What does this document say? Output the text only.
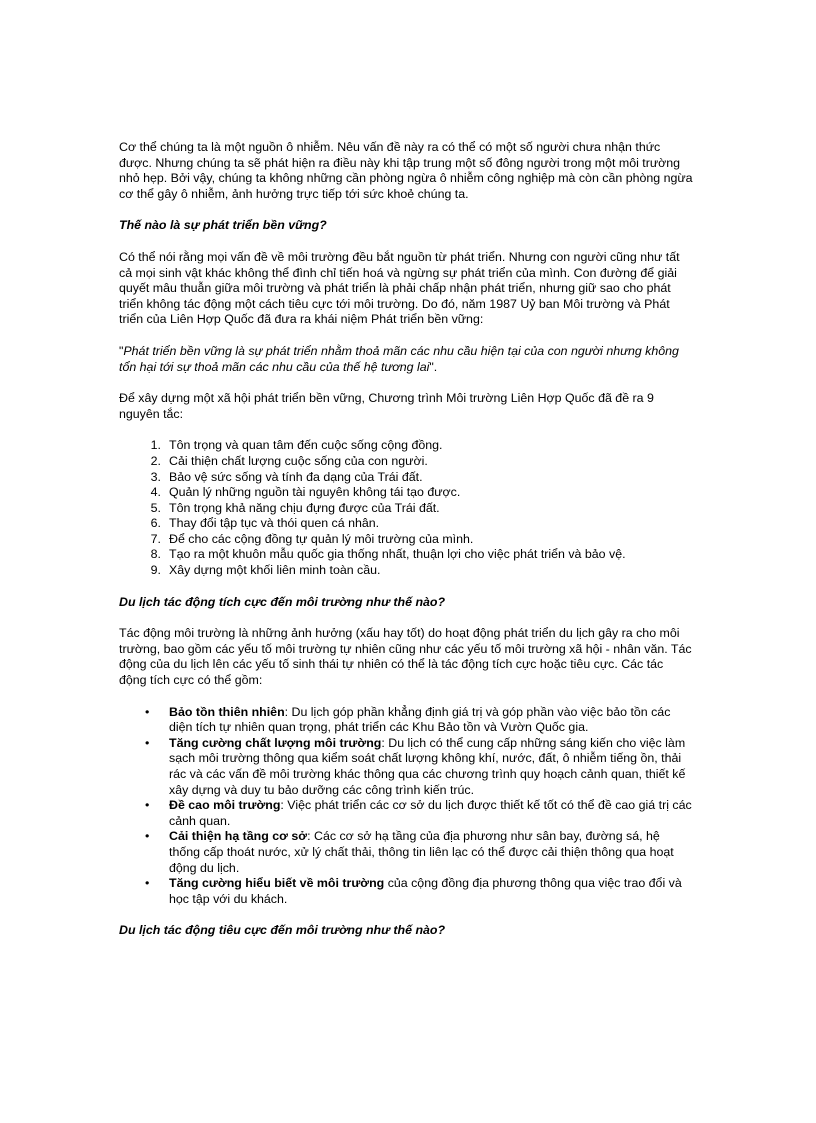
Cơ thể chúng ta là một nguồn ô nhiễm. Nêu vấn đề này ra có thể có một số người chưa nhận thức được. Nhưng chúng ta sẽ phát hiện ra điều này khi tập trung một số đông người trong một môi trường nhỏ hẹp. Bởi vậy, chúng ta không những cần phòng ngừa ô nhiễm công nghiệp mà còn cần phòng ngừa cơ thể gây ô nhiễm, ảnh hưởng trực tiếp tới sức khoẻ chúng ta.

Thế nào là sự phát triển bền vững?

Có thể nói rằng mọi vấn đề về môi trường đều bắt nguồn từ phát triển. Nhưng con người cũng như tất cả mọi sinh vật khác không thể đình chỉ tiến hoá và ngừng sự phát triển của mình. Con đường để giải quyết mâu thuẫn giữa môi trường và phát triển là phải chấp nhận phát triển, nhưng giữ sao cho phát triển không tác động một cách tiêu cực tới môi trường. Do đó, năm 1987 Uỷ ban Môi trường và Phát triển của Liên Hợp Quốc đã đưa ra khái niệm Phát triển bền vững:

"Phát triển bền vững là sự phát triển nhằm thoả mãn các nhu cầu hiện tại của con người nhưng không tổn hại tới sự thoả mãn các nhu cầu của thế hệ tương lai".

Để xây dựng một xã hội phát triển bền vững, Chương trình Môi trường Liên Hợp Quốc đã đề ra 9 nguyên tắc:

Tôn trọng và quan tâm đến cuộc sống cộng đồng.
Cải thiện chất lượng cuộc sống của con người.
Bảo vệ sức sống và tính đa dạng của Trái đất.
Quản lý những nguồn tài nguyên không tái tạo được.
Tôn trọng khả năng chịu đựng được của Trái đất.
Thay đổi tập tục và thói quen cá nhân.
Để cho các cộng đồng tự quản lý môi trường của mình.
Tạo ra một khuôn mẫu quốc gia thống nhất, thuận lợi cho việc phát triển và bảo vệ.
Xây dựng một khối liên minh toàn cầu.

Du lịch tác động tích cực đến môi trường như thế nào?

Tác động môi trường là những ảnh hưởng (xấu hay tốt) do hoạt động phát triển du lịch gây ra cho môi trường, bao gồm các yếu tố môi trường tự nhiên cũng như các yếu tố môi trường xã hội - nhân văn. Tác động của du lịch lên các yếu tố sinh thái tự nhiên có thể là tác động tích cực hoặc tiêu cực. Các tác động tích cực có thể gồm:

• Bảo tồn thiên nhiên: Du lịch góp phần khẳng định giá trị và góp phần vào việc bảo tồn các diện tích tự nhiên quan trọng, phát triển các Khu Bảo tồn và Vườn Quốc gia.
• Tăng cường chất lượng môi trường: Du lịch có thể cung cấp những sáng kiến cho việc làm sạch môi trường thông qua kiểm soát chất lượng không khí, nước, đất, ô nhiễm tiếng ồn, thải rác và các vấn đề môi trường khác thông qua các chương trình quy hoạch cảnh quan, thiết kế xây dựng và duy tu bảo dưỡng các công trình kiến trúc.
• Đề cao môi trường: Việc phát triển các cơ sở du lịch được thiết kế tốt có thể đề cao giá trị các cảnh quan.
• Cải thiện hạ tầng cơ sở: Các cơ sở hạ tầng của địa phương như sân bay, đường sá, hệ thống cấp thoát nước, xử lý chất thải, thông tin liên lạc có thể được cải thiện thông qua hoạt động du lịch.
• Tăng cường hiểu biết về môi trường của cộng đồng địa phương thông qua việc trao đổi và học tập với du khách.

Du lịch tác động tiêu cực đến môi trường như thế nào?
